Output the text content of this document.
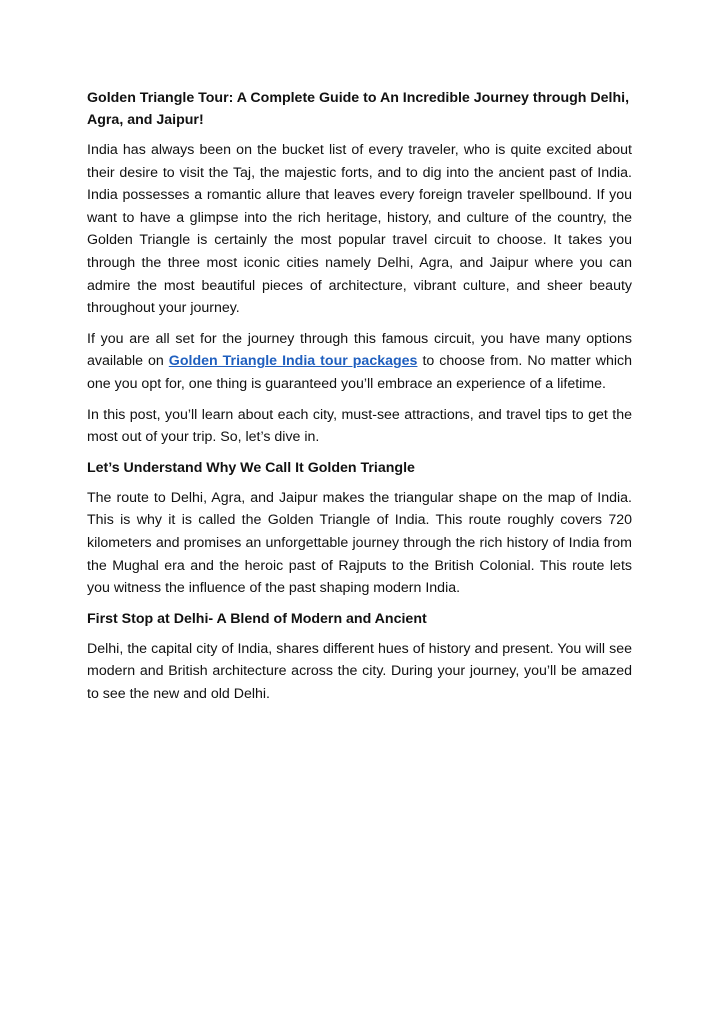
Golden Triangle Tour: A Complete Guide to An Incredible Journey through Delhi, Agra, and Jaipur!

India has always been on the bucket list of every traveler, who is quite excited about their desire to visit the Taj, the majestic forts, and to dig into the ancient past of India. India possesses a romantic allure that leaves every foreign traveler spellbound. If you want to have a glimpse into the rich heritage, history, and culture of the country, the Golden Triangle is certainly the most popular travel circuit to choose. It takes you through the three most iconic cities namely Delhi, Agra, and Jaipur where you can admire the most beautiful pieces of architecture, vibrant culture, and sheer beauty throughout your journey.

If you are all set for the journey through this famous circuit, you have many options available on Golden Triangle India tour packages to choose from. No matter which one you opt for, one thing is guaranteed you’ll embrace an experience of a lifetime.

In this post, you’ll learn about each city, must-see attractions, and travel tips to get the most out of your trip. So, let’s dive in.

Let’s Understand Why We Call It Golden Triangle

The route to Delhi, Agra, and Jaipur makes the triangular shape on the map of India. This is why it is called the Golden Triangle of India. This route roughly covers 720 kilometers and promises an unforgettable journey through the rich history of India from the Mughal era and the heroic past of Rajputs to the British Colonial. This route lets you witness the influence of the past shaping modern India.

First Stop at Delhi- A Blend of Modern and Ancient

Delhi, the capital city of India, shares different hues of history and present. You will see modern and British architecture across the city. During your journey, you’ll be amazed to see the new and old Delhi.
